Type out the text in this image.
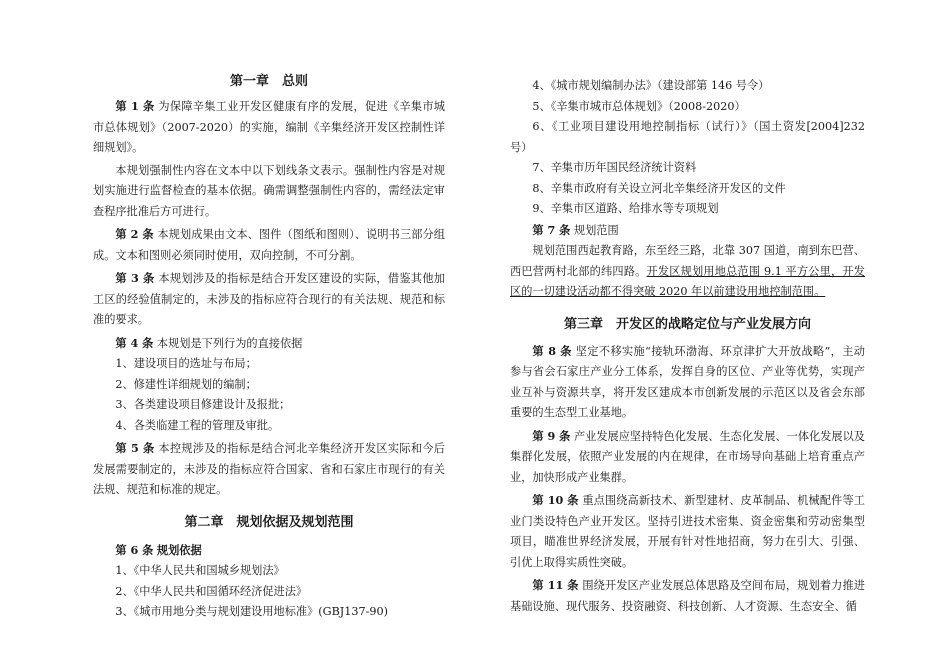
第一章　总则

第 1 条 为保障辛集工业开发区健康有序的发展，促进《辛集市城市总体规划》（2007-2020）的实施，编制《辛集经济开发区控制性详细规划》。

本规划强制性内容在文本中以下划线条文表示。强制性内容是对规划实施进行监督检查的基本依据。确需调整强制性内容的，需经法定审查程序批准后方可进行。

第 2 条 本规划成果由文本、图件（图纸和图则）、说明书三部分组成。文本和图则必须同时使用，双向控制，不可分割。

第 3 条 本规划涉及的指标是结合开发区建设的实际，借鉴其他加工区的经验值制定的，未涉及的指标应符合现行的有关法规、规范和标准的要求。

第 4 条 本规划是下列行为的直接依据

1、建设项目的选址与布局；

2、修建性详细规划的编制；

3、各类建设项目修建设计及报批；

4、各类临建工程的管理及审批。

第 5 条 本控规涉及的指标是结合河北辛集经济开发区实际和今后发展需要制定的，未涉及的指标应符合国家、省和石家庄市现行的有关法规、规范和标准的规定。

第二章　规划依据及规划范围

第 6 条 规划依据

1、《中华人民共和国城乡规划法》

2、《中华人民共和国循环经济促进法》

3、《城市用地分类与规划建设用地标准》(GBJ137-90)

4、《城市规划编制办法》（建设部第 146 号令）

5、《辛集市城市总体规划》（2008-2020）

6、《工业项目建设用地控制指标（试行）》（国土资发[2004]232号）

7、辛集市历年国民经济统计资料

8、辛集市政府有关设立河北辛集经济开发区的文件

9、辛集市区道路、给排水等专项规划

第 7 条 规划范围

规划范围西起教育路，东至经三路，北靠 307 国道，南到东巴营、西巴营两村北部的纬四路。开发区规划用地总范围 9.1 平方公里，开发区的一切建设活动都不得突破 2020 年以前建设用地控制范围。

第三章　开发区的战略定位与产业发展方向

第 8 条 坚定不移实施“接轨环渤海、环京津扩大开放战略”，主动参与省会石家庄产业分工体系，发挥自身的区位、产业等优势，实现产业互补与资源共享，将开发区建成本市创新发展的示范区以及省会东部重要的生态型工业基地。

第 9 条 产业发展应坚持特色化发展、生态化发展、一体化发展以及集群化发展，依照产业发展的内在规律，在市场导向基础上培育重点产业，加快形成产业集群。

第 10 条 重点围绕高新技术、新型建材、皮革制品、机械配件等工业门类设特色产业开发区。坚持引进技术密集、资金密集和劳动密集型项目，瞄准世界经济发展，开展有针对性地招商，努力在引大、引强、引优上取得实质性突破。

第 11 条 围绕开发区产业发展总体思路及空间布局，规划着力推进基础设施、现代服务、投资融资、科技创新、人才资源、生态安全、循
